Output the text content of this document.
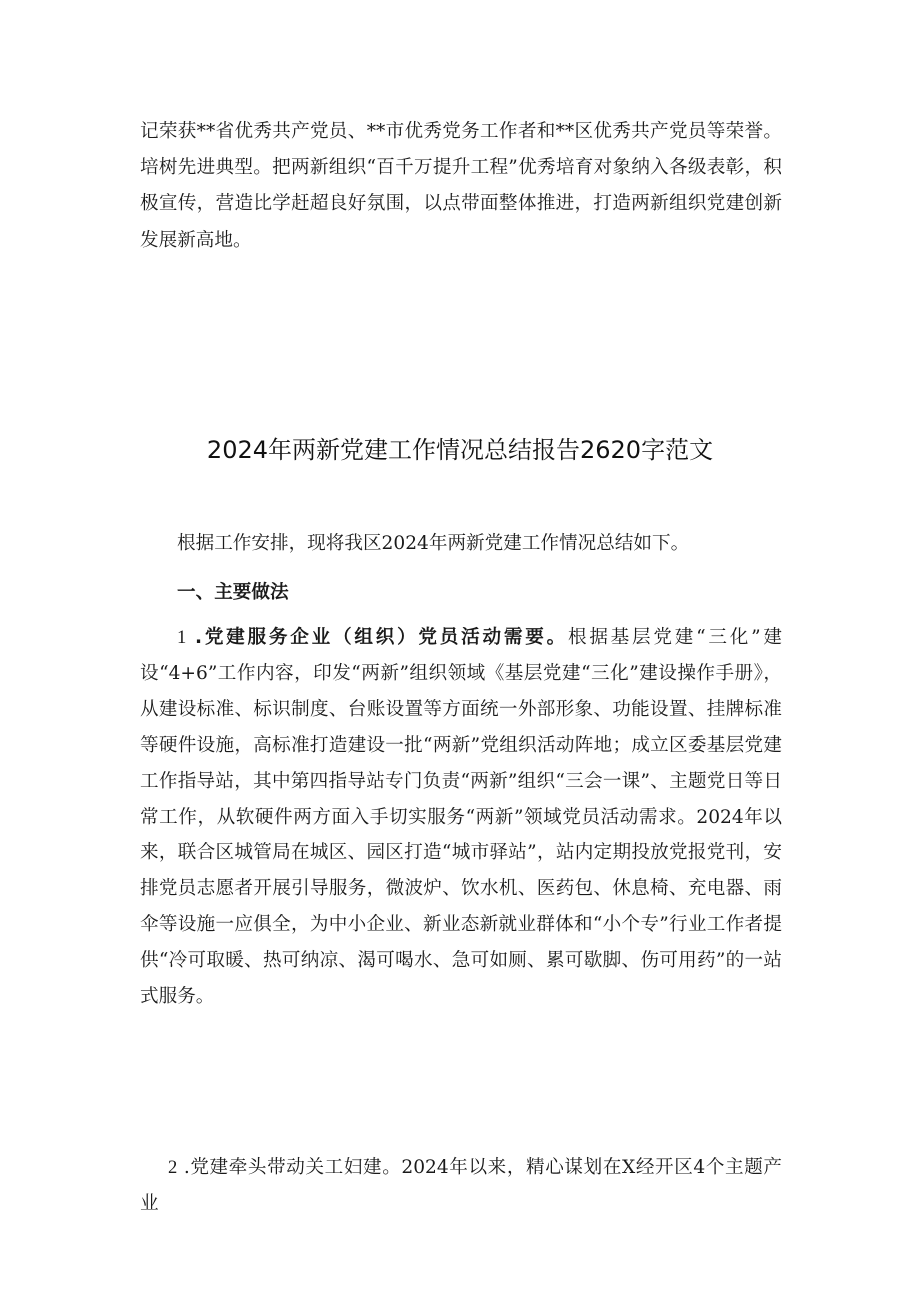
记荣获**省优秀共产党员、**市优秀党务工作者和**区优秀共产党员等荣誉。培树先进典型。把两新组织“百千万提升工程”优秀培育对象纳入各级表彰，积极宣传，营造比学赶超良好氛围，以点带面整体推进，打造两新组织党建创新发展新高地。

2024年两新党建工作情况总结报告2620字范文

根据工作安排，现将我区2024年两新党建工作情况总结如下。

一、主要做法

1 .党建服务企业（组织）党员活动需要。根据基层党建“三化”建设“4+6”工作内容，印发“两新”组织领域《基层党建“三化”建设操作手册》，从建设标准、标识制度、台账设置等方面统一外部形象、功能设置、挂牌标准等硬件设施，高标准打造建设一批“两新”党组织活动阵地；成立区委基层党建工作指导站，其中第四指导站专门负责“两新”组织“三会一课”、主题党日等日常工作，从软硬件两方面入手切实服务“两新”领域党员活动需求。2024年以来，联合区城管局在城区、园区打造“城市驿站”，站内定期投放党报党刊，安排党员志愿者开展引导服务，微波炉、饮水机、医药包、休息椅、充电器、雨伞等设施一应俱全，为中小企业、新业态新就业群体和“小个专”行业工作者提供“冷可取暖、热可纳凉、渴可喝水、急可如厕、累可歇脚、伤可用药”的一站式服务。

2 .党建牵头带动关工妇建。2024年以来，精心谋划在X经开区4个主题产业
